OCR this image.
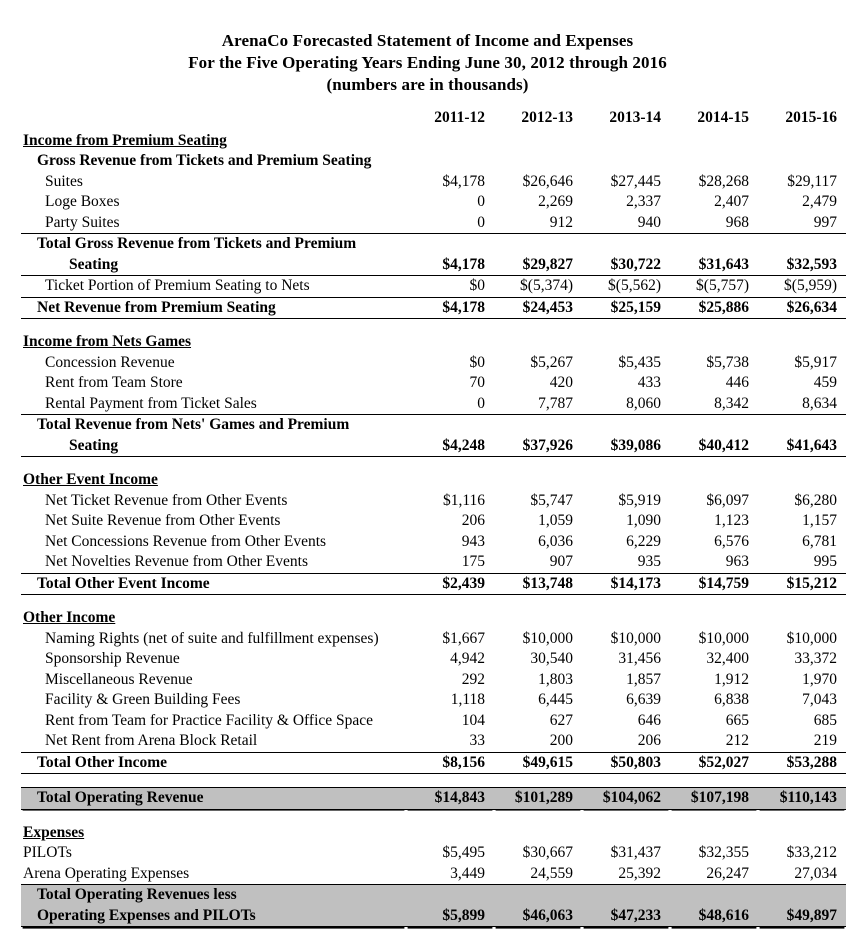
ArenaCo Forecasted Statement of Income and Expenses
For the Five Operating Years Ending June 30, 2012 through 2016
(numbers are in thousands)
	2011-12	2012-13	2013-14	2014-15	2015-16
Income from Premium Seating					
Gross Revenue from Tickets and Premium Seating					
Suites	$4,178	$26,646	$27,445	$28,268	$29,117
Loge Boxes	0	2,269	2,337	2,407	2,479
Party Suites	0	912	940	968	997

Total Gross Revenue from Tickets and Premium
Seating	$4,178	$29,827	$30,722	$31,643	$32,593
Ticket Portion of Premium Seating to Nets	$0	$(5,374)	$(5,562)	$(5,757)	$(5,959)
Net Revenue from Premium Seating	$4,178	$24,453	$25,159	$25,886	$26,634

Income from Nets Games					
Concession Revenue	$0	$5,267	$5,435	$5,738	$5,917
Rent from Team Store	70	420	433	446	459
Rental Payment from Ticket Sales	0	7,787	8,060	8,342	8,634

Total Revenue from Nets' Games and Premium
Seating	$4,248	$37,926	$39,086	$40,412	$41,643

Other Event Income					
Net Ticket Revenue from Other Events	$1,116	$5,747	$5,919	$6,097	$6,280
Net Suite Revenue from Other Events	206	1,059	1,090	1,123	1,157
Net Concessions Revenue from Other Events	943	6,036	6,229	6,576	6,781
Net Novelties Revenue from Other Events	175	907	935	963	995
Total Other Event Income	$2,439	$13,748	$14,173	$14,759	$15,212

Other Income					
Naming Rights (net of suite and fulfillment expenses)	$1,667	$10,000	$10,000	$10,000	$10,000
Sponsorship Revenue	4,942	30,540	31,456	32,400	33,372
Miscellaneous Revenue	292	1,803	1,857	1,912	1,970
Facility & Green Building Fees	1,118	6,445	6,639	6,838	7,043
Rent from Team for Practice Facility & Office Space	104	627	646	665	685
Net Rent from Arena Block Retail	33	200	206	212	219
Total Other Income	$8,156	$49,615	$50,803	$52,027	$53,288

Total Operating Revenue	$14,843	$101,289	$104,062	$107,198	$110,143

Expenses					
PILOTs	$5,495	$30,667	$31,437	$32,355	$33,212
Arena Operating Expenses	3,449	24,559	25,392	26,247	27,034

Total Operating Revenues less
Operating Expenses and PILOTs	$5,899	$46,063	$47,233	$48,616	$49,897
